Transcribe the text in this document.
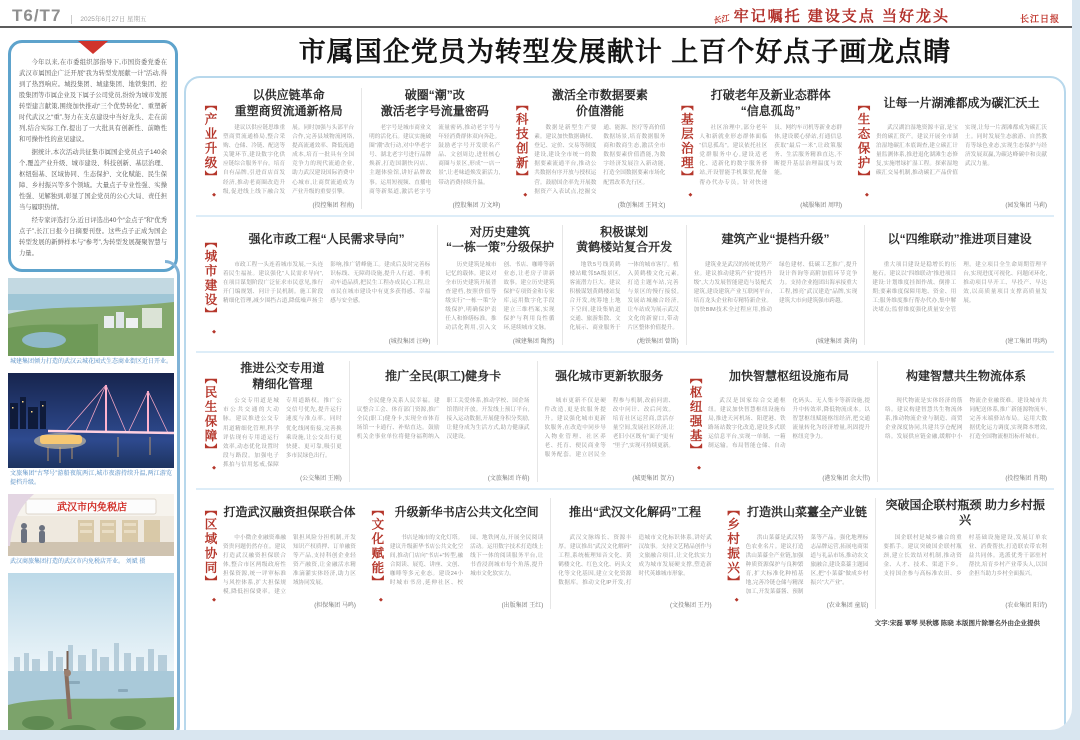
T6/T7	2025年6月27日 星期五	长江 牢记嘱托 建设支点 当好龙头	长江日报

今年以来,在市委组织部指导下,市国资委党委在武汉市属国企广泛开展“我为转型发展献一计”活动,得到了热烈响应。城投集团、城建集团、地铁集团、控股集团等市属企业及下属子公司党员,纷纷为城市发展转型建言献策,围绕加快推动“三个优势转化”、重塑新时代武汉之“重”,努力在支点建设中当好龙头、走在前列,结合实际工作,提出了一大批具有创新性、前瞻性和可操作性的意见建议。

据统计,本次活动共征集市属国企党员点子140余个,覆盖产业升级、城市建设、科技创新、基层治理、枢纽强基、区域协同、生态保护、文化赋能、民生保障、乡村振兴等多个领域。大量点子专业性强、实操性强、见解独到,彰显了国企党员的公心大局、责任担当与履职热情。

经专家评选打分,近日评选出40个“金点子”和“优秀点子”,长江日报今日摘要刊登。这些点子正成为国企转型发展的新鲜样本与“参考”,为转型发展凝聚智慧与力量。

城建集团倾力打造的武汉云城花园式生态商业街区近日开业。
文旅集团“古琴号”游船夜航两江,城市夜游持续升温,两江游览提档升级。
武汉市内免税店
武汉商旅集团打造的武汉市内免税店开业。 刘斌 摄
市属国企党员为转型发展献计 上百个好点子画龙点睛
【产业升级】 ◆
以供应链革命
重塑商贸流通新格局
建议以供应链思维重塑商贸流通格局,整合采购、仓储、冷链、配送等关键环节,建设数字化供应链综合服务平台。培育自有品牌,引进首店首发经济,推动老商圈改造升级,促进线上线下融合发展。同时加强与头部平台合作,完善县域物流网络,提高流通效率、降低流通成本,培育一批具有全国竞争力的现代流通企业,助力武汉建设国际消费中心城市,让商贸流通成为产业升级的重要引擎。
(投控集团 程南)
破圈“潮”改
激活老字号流量密码
老字号是城市商业文明的活化石。建议实施破圈“潮”改行动,对中华老字号、湖北老字号进行品牌焕新,打造国潮快闪店、主题体验馆,讲好品牌故事。运用短视频、直播电商等新渠道,激活老字号流量密码,推动老字号与年轻消费群体双向奔赴。鼓励老字号开发联名产品、文创周边,进驻核心商圈与景区,形成“一店一景”,让老味道焕发新活力,带动消费持续升温。
(控股集团 万文坤)
【科技创新】 ◆
激活全市数据要素
价值潜能
数据是新型生产要素。建议加快数据确权、登记、定价、交易等制度建设,建设全市统一的数据要素流通平台,推动公共数据有序开放与授权运营。鼓励国企率先开展数据资产入表试点,挖掘交通、能源、医疗等高价值数据场景,培育数据服务商和数商生态,激活全市数据要素价值潜能,为数字经济发展注入新动能,打造全国数据要素市场化配置改革先行区。
(数创集团 王同文)
【基层治理】 ◆
打破老年及新业态群体
“信息孤岛”
社区治理中,部分老年人和新就业形态群体面临“信息孤岛”。建议依托社区党群服务中心,建设适老化、适新化的数字服务驿站,开设智能手机课堂,配备帮办代办专员。针对快递员、网约车司机等新业态群体,建设暖心驿站,打通信息获取“最后一米”,让政策服务、生活服务精准直达,不断提升基层治理温度与效能。
(城服集团 周明)
【生态保护】 ◆	让每一片湖滩都成为碳汇沃土
武汉湖泊湿地资源丰富,是宝贵的碳汇资产。建议开展全市湖泊湿地碳汇本底调查,建立碳汇计量监测体系,推进退化湖滩生态修复,实施增绿扩湿工程。探索湿地碳汇交易机制,推动碳汇产品价值实现,让每一片湖滩都成为碳汇沃土。同时发展生态旅游、自然教育等绿色业态,实现生态保护与经济发展双赢,为碳达峰碳中和贡献武汉力量。
(园发集团 马莉)
【城市建设】 ◆	强化市政工程“人民需求导向”
市政工程一头连着城市发展,一头连着民生福祉。建议强化“人民需求导向”,在项目谋划阶段广泛征求市民意见,推行开门编规划、问计于民机制。施工阶段精细化管理,减少围挡占道,降低噪声扬尘影响,推广错峰施工。建成后及时完善标识标线、无障碍设施,提升人行道、非机动车道品质,把民生工程办成民心工程,让市民在城市建设中有更多获得感、幸福感与安全感。
(城投集团 汪峥)
对历史建筑
“一栋一策”分级保护
历史建筑是城市记忆的载体。建议对全市历史建筑开展普查建档,按照价值等级实行“一栋一策”分级保护,明确保护责任人和修缮标准。推动活化利用,引入文创、书店、咖啡等新业态,让老房子讲新故事。建立历史建筑保护专项资金和专家库,运用数字化手段建立三维档案,实现保护与利用良性循环,延续城市文脉。
(城建集团 陶然)
积极谋划
黄鹤楼站复合开发
地铁5号线黄鹤楼站毗邻5A级景区,客流潜力巨大。建议积极谋划黄鹤楼站复合开发,统筹地上地下空间,建设集轨道交通、旅游集散、文化展示、商业服务于一体的城市客厅。植入黄鹤楼文化元素,打造主题车站,完善与景区的慢行接驳,发展站城融合经济,让车站成为展示武汉文化的新窗口,带动片区整体价值提升。
(地铁集团 曾斯)
建筑产业“提档升级”
建筑业是武汉的传统优势产业。建议推动建筑产业“提档升级”,大力发展智能建造与装配式建筑,建设建筑产业互联网平台,培育龙头企业和专精特新企业。加快BIM技术全过程应用,推动绿色建材、低碳工艺推广,提升设计咨询等高附加值环节竞争力。支持企业抱团出海承接重大工程,擦亮“武汉建造”品牌,实现建筑大市向建筑强市跨越。
(城建集团 龚萍)
以“四维联动”推进项目建设
重大项目建设是稳增长的压舱石。建议以“四维联动”推进项目建设:计划维度挂图作战、倒排工期;要素维度保障用地、资金、用工;服务维度推行帮办代办,集中解决堵点;监督维度强化质量安全管理。建立项目全生命周期管理平台,实现进度可视化、问题闭环化,推动项目早开工、早投产、早达效,以高质量项目支撑高质量发展。
(建工集团 明鸿)
【民生保障】 ◆
推进公交专用道
精细化管理
公交专用道是城市公共交通的大动脉。建议推进公交专用道精细化管理,科学评估现有专用道运行效率,动态优化设置时段与路段。加强电子抓拍与信用惩戒,保障专用道路权。推广公交信号优先,提升运行速度与准点率。同时优化线网衔接,完善换乘设施,让公交出行更快捷、更可靠,吸引更多市民绿色出行。
(公交集团 王刚)
推广全民(职工)健身卡
全民健身关系人民幸福。建议整合工会、体育部门资源,推广全民(职工)健身卡,实现全市体育场馆一卡通行、补贴直达。鼓励机关企事业单位将健身福利纳入职工关爱体系,推动学校、国企场馆错时开放。开发线上预订平台,接入运动数据,开展健身积分奖励,让健身成为生活方式,助力健康武汉建设。
(文旅集团 许萌)
强化城市更新软服务
城市更新不仅是硬件改造,更是软服务提升。建议强化城市更新软服务,在改造中同步导入物业管理、社区养老、托育、便民商业等服务配套。建立居民全程参与机制,改前问需、改中问计、改后问效。培育社区运营商,盘活存量空间,发展社区经济,让老旧小区既有“面子”更有“里子”,实现可持续更新。
(城更集团 贺方)
【枢纽强基】 ◆	加快智慧枢纽设施布局
武汉是国家综合交通枢纽。建议加快智慧枢纽设施布局,推进天河机场、阳逻港、铁路场站数字化改造,建设多式联运信息平台,实现一单制、一箱制运输。布局智能仓储、自动化码头、无人集卡等新设施,提升中转效率,降低物流成本。以智慧枢纽赋能枢纽经济,把交通流量转化为经济增量,巩固提升枢纽竞争力。
(港发集团 余大伟)
构建智慧共生物流体系
现代物流是实体经济的筋络。建议构建智慧共生物流体系,推动物流企业与制造、商贸企业深度协同,共建共享仓配网络。发展供应链金融,缓解中小物流企业融资难。建设城市共同配送体系,推广新能源物流车,完善末端驿站布局。运用大数据优化运力调度,实现降本增效,打造全国物流枢纽标杆城市。
(投控集团 肖翔)
【区域协同】 ◆ 打造武汉融资担保联合体
中小微企业融资难融资贵问题仍然存在。建议打造武汉融资担保联合体,整合市区两级政府性担保资源,统一评审标准与风控体系,扩大担保规模,降低担保费率。建立银担风险分担机制,开发知识产权质押、订单融资等产品,支持科创企业轻资产融资,让金融活水精准滴灌实体经济,助力区域协同发展。
(担保集团 马鸣)
【文化赋能】 ◆ 升级新华书店公共文化空间
书店是城市的文化灯塔。建议升级新华书店公共文化空间,推动门店向“书店+”转型,融合阅读、展览、讲座、文创、咖啡等多元业态。建设24小时城市书房,延伸社区、校园、地铁网点,开展全民阅读活动。运用数字技术打造线上线下一体的阅读服务平台,让书香浸润城市每个角落,提升城市文化软实力。
(出版集团 王红)
推出“武汉文化解码”工程
武汉文脉绵长、资源丰厚。建议推出“武汉文化解码”工程,系统梳理知音文化、黄鹤楼文化、红色文化、码头文化等文化基因,建立文化资源数据库。推动文化IP开发,打造城市文化标识体系,讲好武汉故事。支持文艺精品创作与文旅融合项目,让文化软实力成为城市发展硬支撑,塑造新时代英雄城市形象。
(文投集团 王丹)
【乡村振兴】 ◆ 打造洪山菜薹全产业链
洪山菜薹是武汉特色农业名片。建议打造洪山菜薹全产业链,加强种质资源保护与良种繁育,扩大标准化种植基地,完善冷链仓储与精深加工,开发菜薹酱、预制菜等产品。强化地理标志品牌运营,拓展电商渠道与礼品市场,推动农文旅融合,建设菜薹主题园区,把“小菜薹”做成乡村振兴“大产业”。
(农业集团 童辰)
突破国企联村瓶颈 助力乡村振兴
国企联村是城乡融合的重要抓手。建议突破国企联村瓶颈,建立长效结对机制,推动资金、人才、技术、渠道下乡。支持国企参与高标准农田、乡村基础设施建设,发展订单农业、消费帮扶,打造联农带农利益共同体。选派优秀干部驻村帮扶,培育乡村产业带头人,以国企担当助力乡村全面振兴。
(农业集团 阳诗)
文字:宋磊 覃琴 吴秋娜 陈晓 本版图片除署名外由企业提供
